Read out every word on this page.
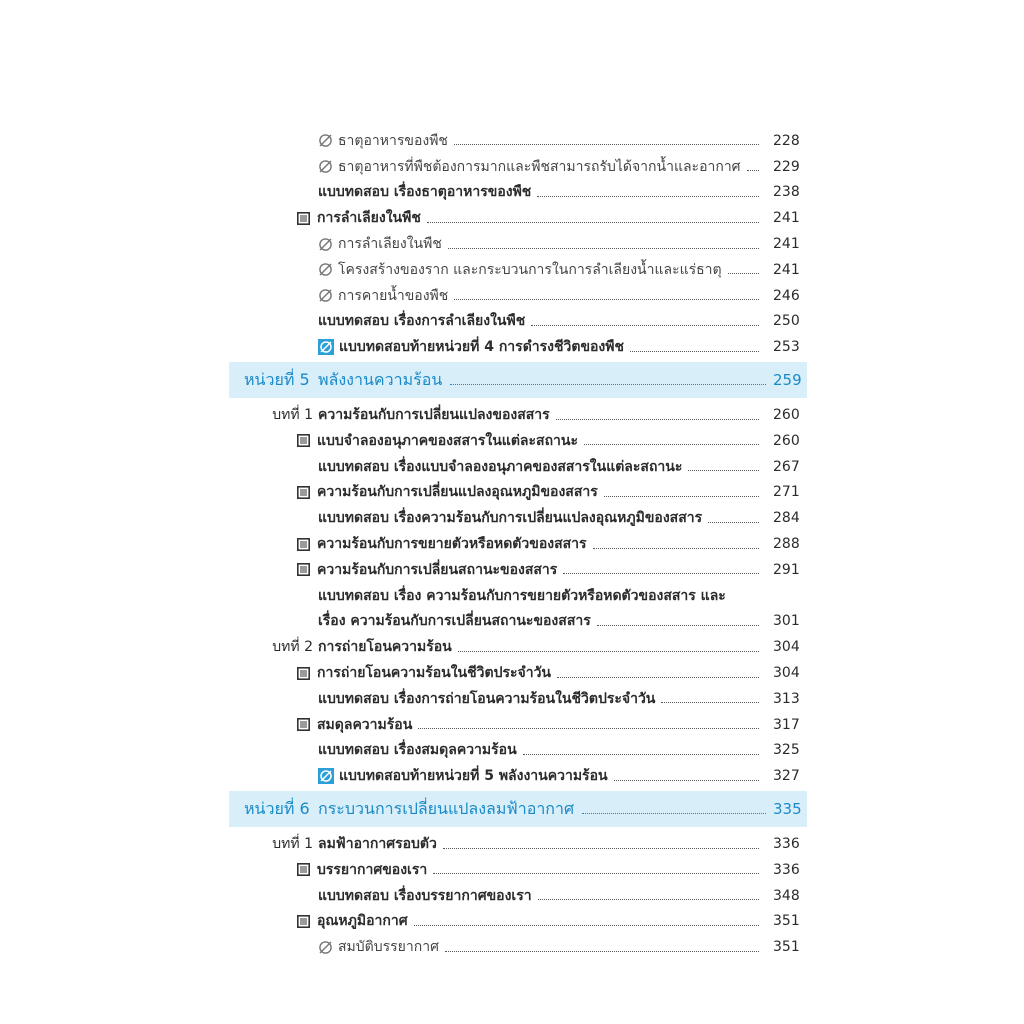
ธาตุอาหารของพืช	228
ธาตุอาหารที่พืชต้องการมากและพืชสามารถรับได้จากน้ำและอากาศ 229
แบบทดสอบ เรื่องธาตุอาหารของพืช	238
การลำเลียงในพืช	241
การลำเลียงในพืช	241
โครงสร้างของราก และกระบวนการในการลำเลียงน้ำและแร่ธาตุ	241
การคายน้ำของพืช	246
แบบทดสอบ เรื่องการลำเลียงในพืช	250
แบบทดสอบท้ายหน่วยที่ 4 การดำรงชีวิตของพืช	253
หน่วยที่ 5 พลังงานความร้อน	259
บทที่ 1 ความร้อนกับการเปลี่ยนแปลงของสสาร	260
แบบจำลองอนุภาคของสสารในแต่ละสถานะ	260
แบบทดสอบ เรื่องแบบจำลองอนุภาคของสสารในแต่ละสถานะ	267
ความร้อนกับการเปลี่ยนแปลงอุณหภูมิของสสาร	271
แบบทดสอบ เรื่องความร้อนกับการเปลี่ยนแปลงอุณหภูมิของสสาร	284
ความร้อนกับการขยายตัวหรือหดตัวของสสาร	288
ความร้อนกับการเปลี่ยนสถานะของสสาร	291
แบบทดสอบ เรื่อง ความร้อนกับการขยายตัวหรือหดตัวของสสาร และ
เรื่อง ความร้อนกับการเปลี่ยนสถานะของสสาร	301
บทที่ 2 การถ่ายโอนความร้อน	304
การถ่ายโอนความร้อนในชีวิตประจำวัน	304
แบบทดสอบ เรื่องการถ่ายโอนความร้อนในชีวิตประจำวัน	313
สมดุลความร้อน	317
แบบทดสอบ เรื่องสมดุลความร้อน	325
แบบทดสอบท้ายหน่วยที่ 5 พลังงานความร้อน	327
หน่วยที่ 6 กระบวนการเปลี่ยนแปลงลมฟ้าอากาศ	335
บทที่ 1 ลมฟ้าอากาศรอบตัว	336
บรรยากาศของเรา	336
แบบทดสอบ เรื่องบรรยากาศของเรา	348
อุณหภูมิอากาศ	351
สมบัติบรรยากาศ	351
